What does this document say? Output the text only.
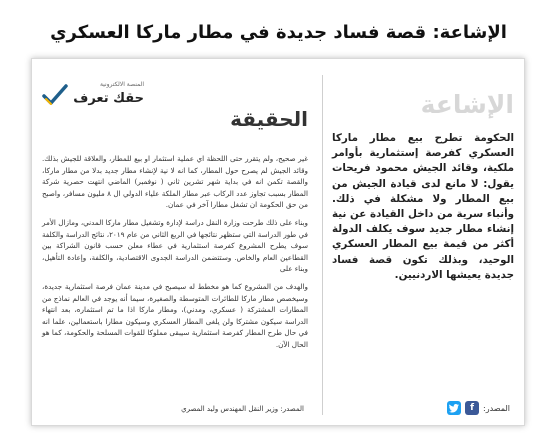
الإشاعة: قصة فساد جديدة في مطار ماركا العسكري
الإشاعة
الحكومة تطرح بيع مطار ماركا العسكري كفرصة إستثمارية بأوامر ملكية، وقائد الجيش محمود فريحات يقول: لا مانع لدى قيادة الجيش من بيع المطار ولا مشكلة في ذلك. وأنباء سرية من داخل القيادة عن نية إنشاء مطار جديد سوف يكلف الدولة أكثر من قيمة بيع المطار العسكري الوحيد، وبذلك تكون قصة فساد جديدة يعيشها الاردنيين.
المصدر:
f
المنصة الالكترونية
حقك تعرف
الحقيقة

غير صحيح، ولم يتقرر حتى اللحظة اي عملية استثمار او بيع للمطار، والعلاقة للجيش بذلك. وقائد الجيش لم يصرح حول المطار، كما انه لا نية لإنشاء مطار جديد بدلا من مطار ماركا، والقصة تكمن انه في بداية شهر تشرين ثاني ( نوفمبر) الماضي انتهت حصرية شركة المطار بسبب تجاوز عدد الركاب عبر مطار الملكة علياء الدولي ال ٨ مليون مسافر، واصبح من حق الحكومة ان تشغل مطارا آخر في عمان.

وبناء على ذلك طرحت وزارة النقل دراسة لإدارة وتشغيل مطار ماركا المدني، ومازال الأمر في طور الدراسة التي ستظهر نتائجها في الربع الثاني من عام ٢٠١٩، نتائج الدراسة والكلفة سوف يطرح المشروع كفرصة استثمارية في عطاء معلن حسب قانون الشراكة بين القطاعين العام والخاص. وستتضمن الدراسة الجدوى الاقتصادية، والكلفة، وإعادة التأهيل، وبناء على

والهدف من المشروع كما هو مخطط له سيصبح في مدينة عمان فرصة استثمارية جديدة، وسيخصص مطار ماركا للطائرات المتوسطة والصغيرة، سيما أنه يوجد في العالم نماذج من المطارات المشتركة ( عسكري، ومدني)، ومطار ماركا اذا ما تم استثماره، بعد انتهاء الدراسة سيكون مشتركا ولن يلغى المطار العسكري وسيكون مطارا باستعمالين، علما انه في حال طرح المطار كفرصة استثمارية سيبقى مملوكا للقوات المسلحة والحكومة، كما هو الحال الآن.

المصدر: وزير النقل المهندس وليد المصري
